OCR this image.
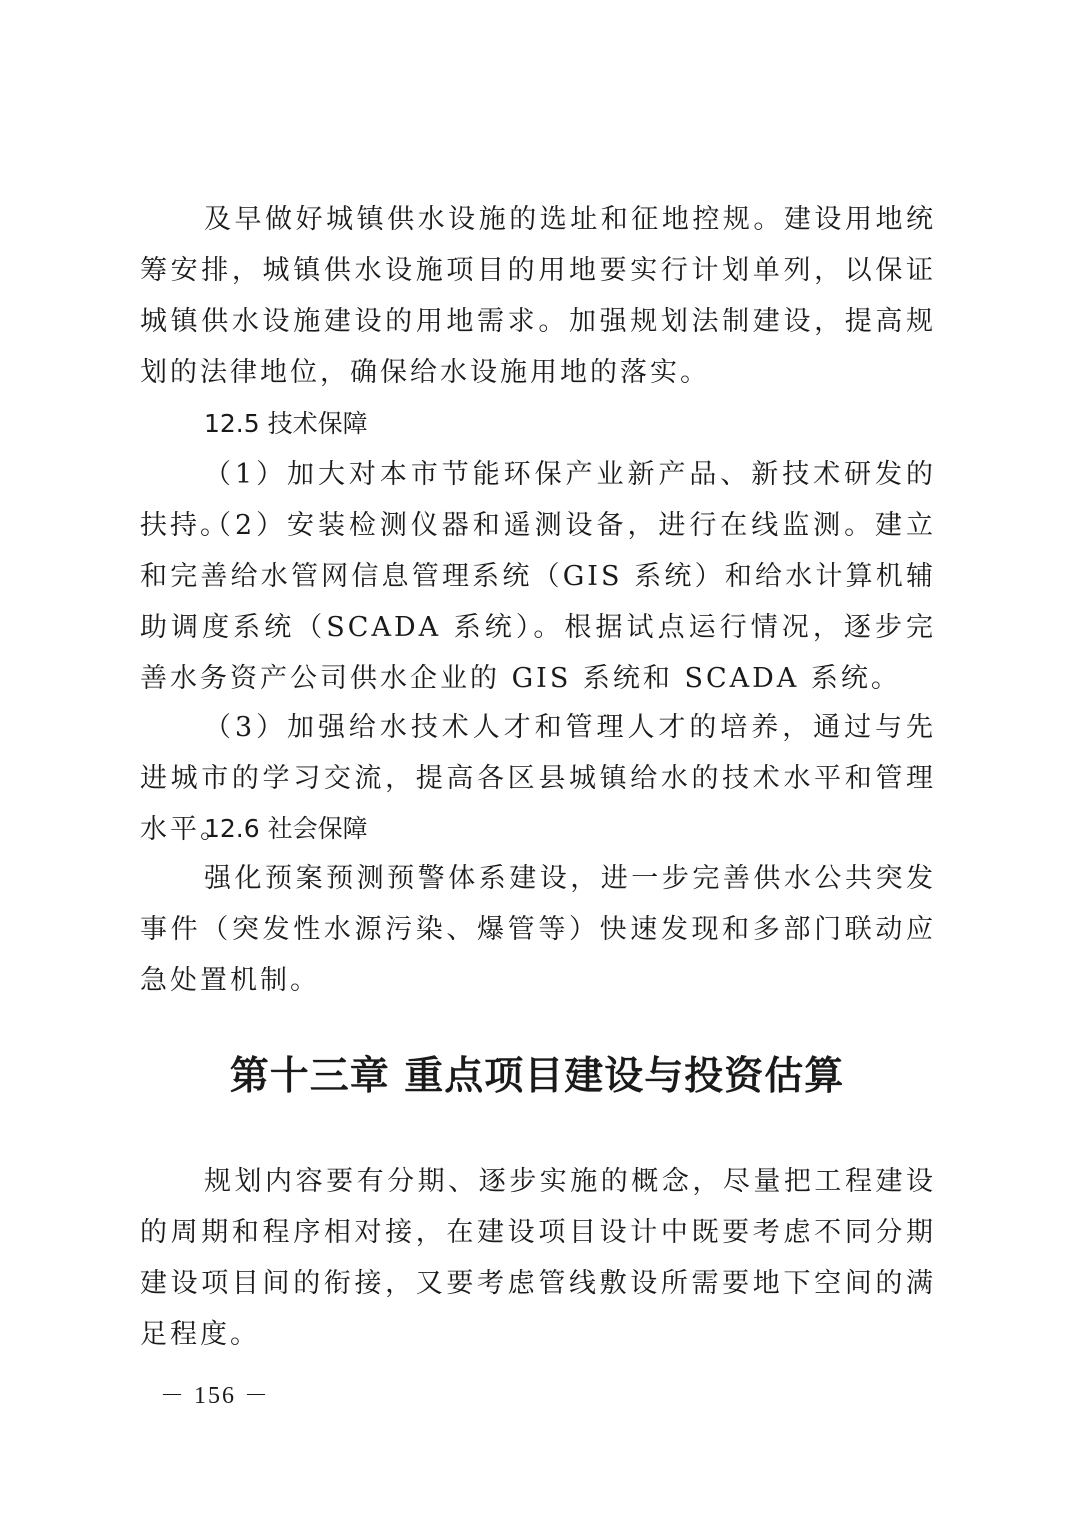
及早做好城镇供水设施的选址和征地控规。建设用地统筹安排，城镇供水设施项目的用地要实行计划单列，以保证城镇供水设施建设的用地需求。加强规划法制建设，提高规划的法律地位，确保给水设施用地的落实。

12.5 技术保障

（1）加大对本市节能环保产业新产品、新技术研发的扶持。

（2）安装检测仪器和遥测设备，进行在线监测。建立和完善给水管网信息管理系统（GIS 系统）和给水计算机辅助调度系统（SCADA 系统）。根据试点运行情况，逐步完善水务资产公司供水企业的 GIS 系统和 SCADA 系统。

（3）加强给水技术人才和管理人才的培养，通过与先进城市的学习交流，提高各区县城镇给水的技术水平和管理水平。

12.6 社会保障

强化预案预测预警体系建设，进一步完善供水公共突发事件（突发性水源污染、爆管等）快速发现和多部门联动应急处置机制。

第十三章 重点项目建设与投资估算

规划内容要有分期、逐步实施的概念，尽量把工程建设的周期和程序相对接，在建设项目设计中既要考虑不同分期建设项目间的衔接，又要考虑管线敷设所需要地下空间的满足程度。

－ 156 －
